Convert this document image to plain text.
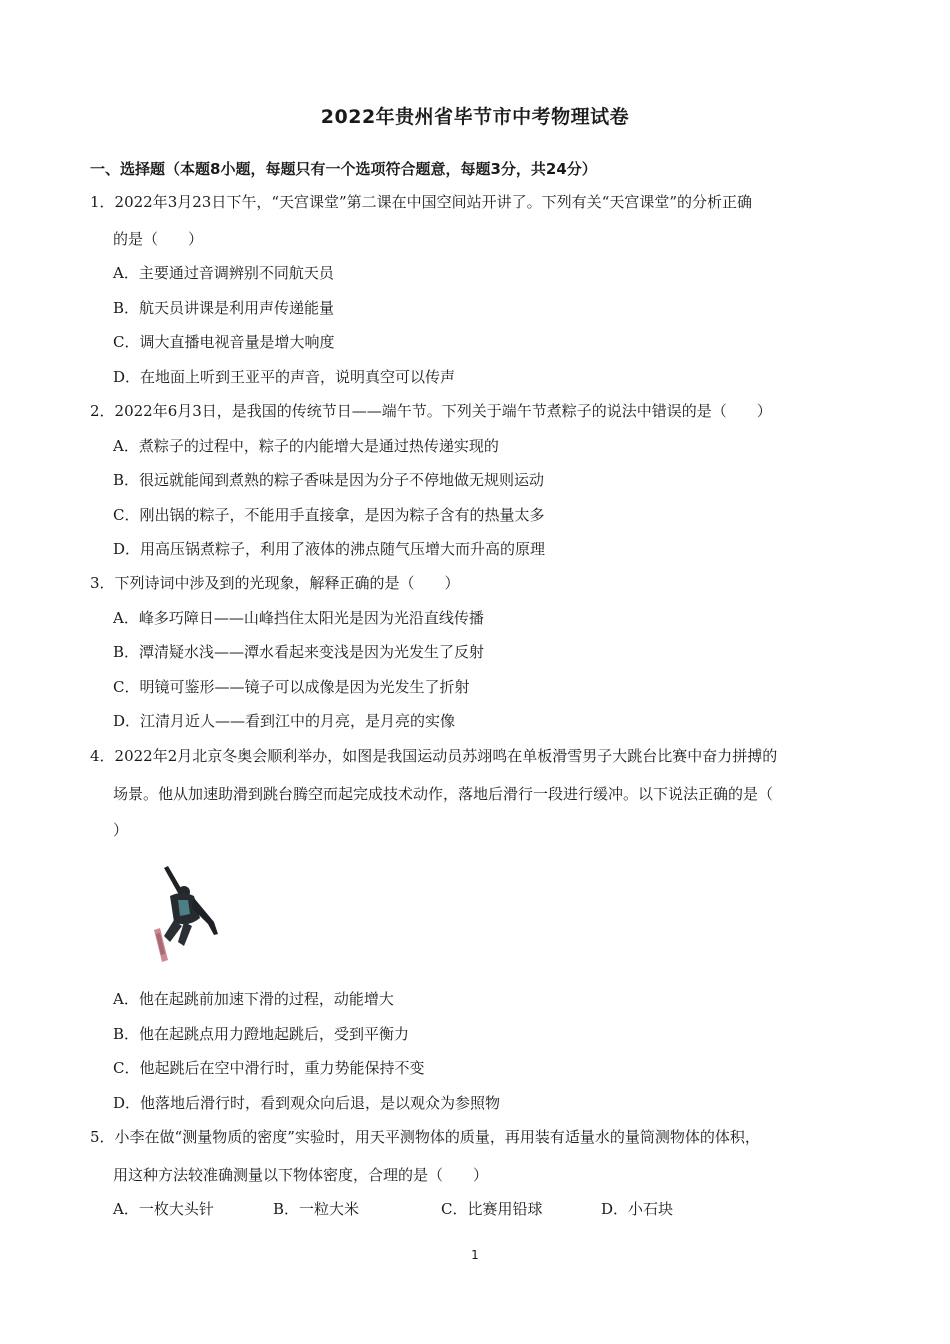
2022年贵州省毕节市中考物理试卷
一、选择题（本题8小题，每题只有一个选项符合题意，每题3分，共24分）
1．2022年3月23日下午，“天宫课堂”第二课在中国空间站开讲了。下列有关“天宫课堂”的分析正确
的是（　　）
A．主要通过音调辨别不同航天员
B．航天员讲课是利用声传递能量
C．调大直播电视音量是增大响度
D．在地面上听到王亚平的声音，说明真空可以传声
2．2022年6月3日，是我国的传统节日——端午节。下列关于端午节煮粽子的说法中错误的是（　　）
A．煮粽子的过程中，粽子的内能增大是通过热传递实现的
B．很远就能闻到煮熟的粽子香味是因为分子不停地做无规则运动
C．刚出锅的粽子，不能用手直接拿，是因为粽子含有的热量太多
D．用高压锅煮粽子，利用了液体的沸点随气压增大而升高的原理
3．下列诗词中涉及到的光现象，解释正确的是（　　）
A．峰多巧障日——山峰挡住太阳光是因为光沿直线传播
B．潭清疑水浅——潭水看起来变浅是因为光发生了反射
C．明镜可鉴形——镜子可以成像是因为光发生了折射
D．江清月近人——看到江中的月亮，是月亮的实像
4．2022年2月北京冬奥会顺利举办，如图是我国运动员苏翊鸣在单板滑雪男子大跳台比赛中奋力拼搏的
场景。他从加速助滑到跳台腾空而起完成技术动作，落地后滑行一段进行缓冲。以下说法正确的是（
）
A．他在起跳前加速下滑的过程，动能增大
B．他在起跳点用力蹬地起跳后，受到平衡力
C．他起跳后在空中滑行时，重力势能保持不变
D．他落地后滑行时，看到观众向后退，是以观众为参照物
5．小李在做“测量物质的密度”实验时，用天平测物体的质量，再用装有适量水的量筒测物体的体积，
用这种方法较准确测量以下物体密度，合理的是（　　）
A．一枚大头针	B．一粒大米	C．比赛用铅球	D．小石块
1
